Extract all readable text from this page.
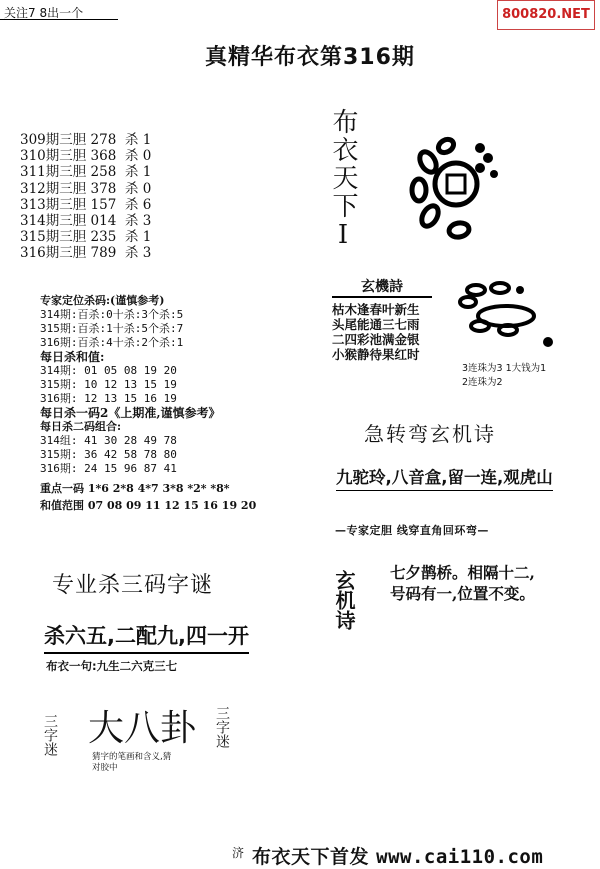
关注7 8出一个	800820.NET
真精华布衣第316期
309期三胆 278  杀 1
310期三胆 368  杀 0
311期三胆 258  杀 1
312期三胆 378  杀 0
313期三胆 157  杀 6
314期三胆 014  杀 3
315期三胆 235  杀 1
316期三胆 789  杀 3
布衣天下I
专家定位杀码:(谨慎参考)
314期:百杀:0十杀:3个杀:5
315期:百杀:1十杀:5个杀:7
316期:百杀:4十杀:2个杀:1
每日杀和值:
314期: 01 05 08 19 20
315期: 10 12 13 15 19
316期: 12 13 15 16 19
每日杀一码2《上期准,谨慎参考》
每日杀二码组合:
314组: 41 30 28 49 78
315期: 36 42 58 78 80
316期: 24 15 96 87 41
重点一码 1*6 2*8 4*7 3*8 *2* *8*
和值范围 07 08 09 11 12 15 16 19 20
玄機詩
枯木逢春叶新生
头尾能通三七雨
二四彩池满金银
小猴静待果红时
3连珠为3 1大钱为1
2连珠为2
急转弯玄机诗
九驼玲,八音盒,留一连,观虎山
—专家定胆 线穿直角回环弯—
玄机诗 七夕鹊桥。相隔十二,
号码有一,位置不变。
专业杀三码字谜
杀六五,二配九,四一开
布衣一句:九生二六克三七
三字迷 大八卦
猜字的笔画和含义,猜
对胶中
三字迷
济 布衣天下首发 www.cai110.com
